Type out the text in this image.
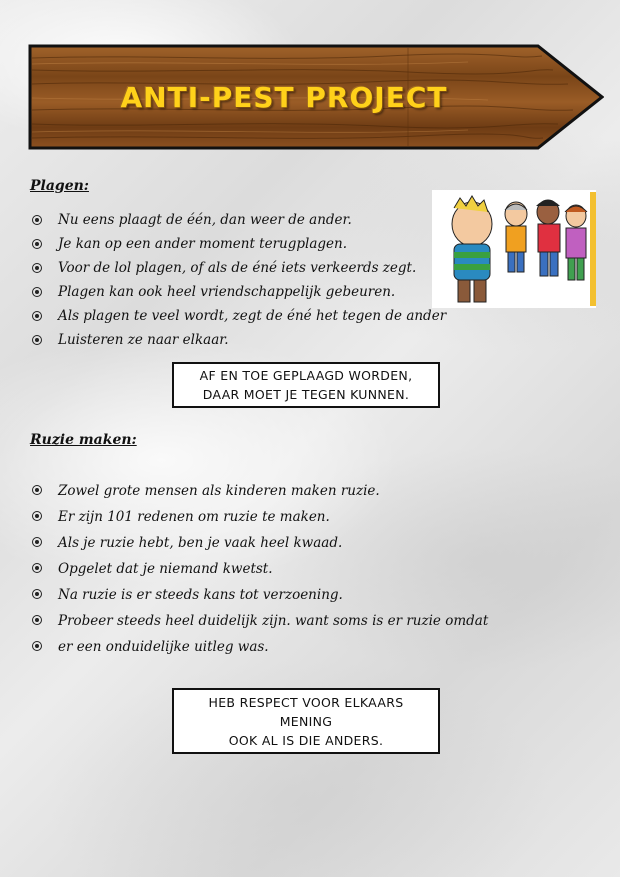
ANTI-PEST PROJECT

Plagen:

Nu eens plaagt de één, dan weer de ander.
Je kan op een ander moment terugplagen.
Voor de lol plagen, of als de éné iets verkeerds zegt.
Plagen kan ook heel vriendschappelijk gebeuren.
Als plagen te veel wordt, zegt de éné het tegen de ander
Luisteren ze naar elkaar.
AF EN TOE GEPLAAGD WORDEN,
DAAR MOET JE TEGEN KUNNEN.

Ruzie maken:

Zowel grote mensen als kinderen maken ruzie.
Er zijn 101 redenen om ruzie te maken.
Als je ruzie hebt, ben je vaak heel kwaad.
Opgelet dat je niemand kwetst.
Na ruzie is er steeds kans tot verzoening.
Probeer steeds heel duidelijk zijn. want soms is er ruzie omdat
er een onduidelijke uitleg was.
HEB RESPECT VOOR ELKAARS
MENING
OOK AL IS DIE ANDERS.
